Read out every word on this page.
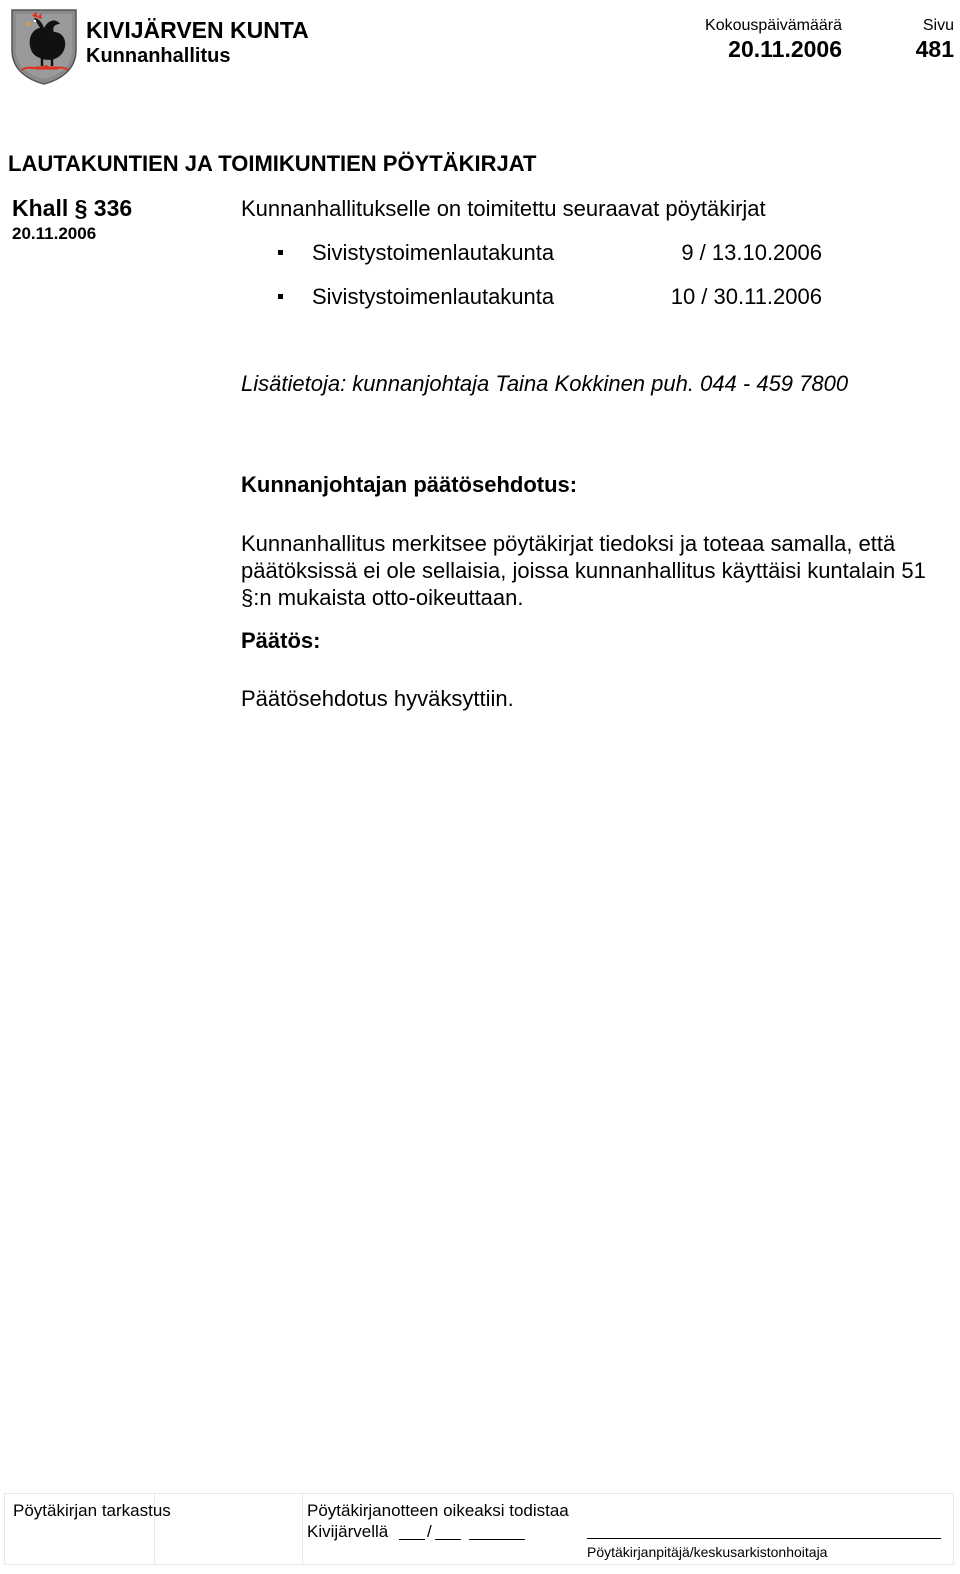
KIVIJÄRVEN KUNTA
Kunnanhallitus
Kokouspäivämäärä
20.11.2006
Sivu
481
LAUTAKUNTIEN JA TOIMIKUNTIEN PÖYTÄKIRJAT
Khall § 336
20.11.2006
Kunnanhallitukselle on toimitettu seuraavat pöytäkirjat
Sivistystoimenlautakunta	9 / 13.10.2006
Sivistystoimenlautakunta	10 / 30.11.2006
Lisätietoja: kunnanjohtaja Taina Kokkinen puh. 044 - 459 7800
Kunnanjohtajan päätösehdotus:
Kunnanhallitus merkitsee pöytäkirjat tiedoksi ja toteaa samalla, että päätöksissä ei ole sellaisia, joissa kunnanhallitus käyttäisi kuntalain 51 §:n mukaista otto-oikeuttaan.
Päätös:
Päätösehdotus hyväksyttiin.
Pöytäkirjan tarkastus	Pöytäkirjanotteen oikeaksi todistaa
Kivijärvellä /
Pöytäkirjanpitäjä/keskusarkistonhoitaja
